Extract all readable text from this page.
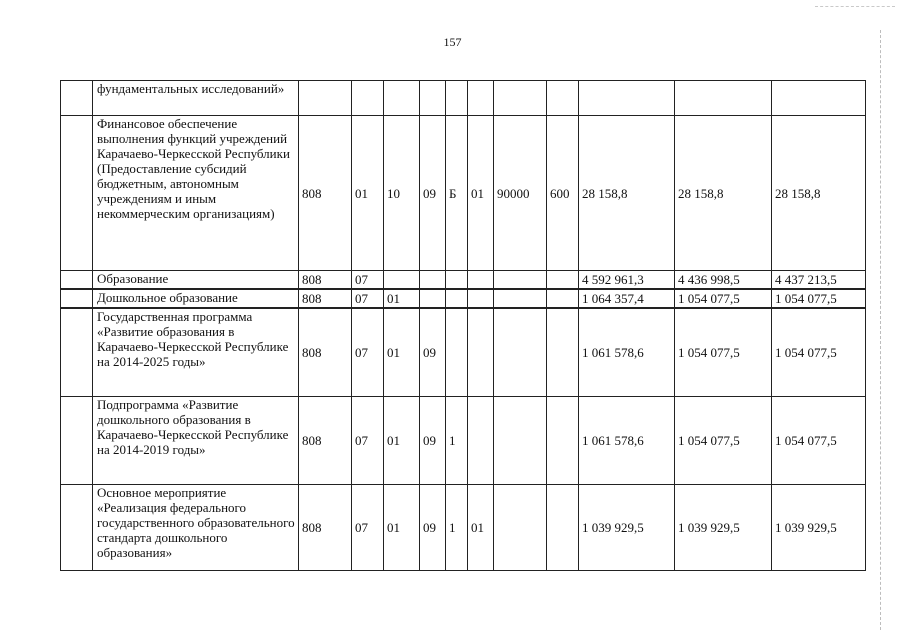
157
	фундаментальных исследований»											
	Финансовое обеспечение выполнения функций учреждений Карачаево-Черкесской Республики (Предоставление субсидий бюджетным, автономным учреждениям и иным некоммерческим организациям)	808	01	10	09	Б	01	90000	600	28 158,8	28 158,8	28 158,8
	Образование	808	07							4 592 961,3	4 436 998,5	4 437 213,5
	Дошкольное образование	808	07	01						1 064 357,4	1 054 077,5	1 054 077,5
	Государственная программа «Развитие образования в Карачаево-Черкесской Республике на 2014-2025 годы»	808	07	01	09					1 061 578,6	1 054 077,5	1 054 077,5
	Подпрограмма «Развитие дошкольного образования в Карачаево-Черкесской Республике на 2014-2019 годы»	808	07	01	09	1				1 061 578,6	1 054 077,5	1 054 077,5
	Основное мероприятие «Реализация федерального государственного образовательного стандарта дошкольного образования»	808	07	01	09	1	01			1 039 929,5	1 039 929,5	1 039 929,5
